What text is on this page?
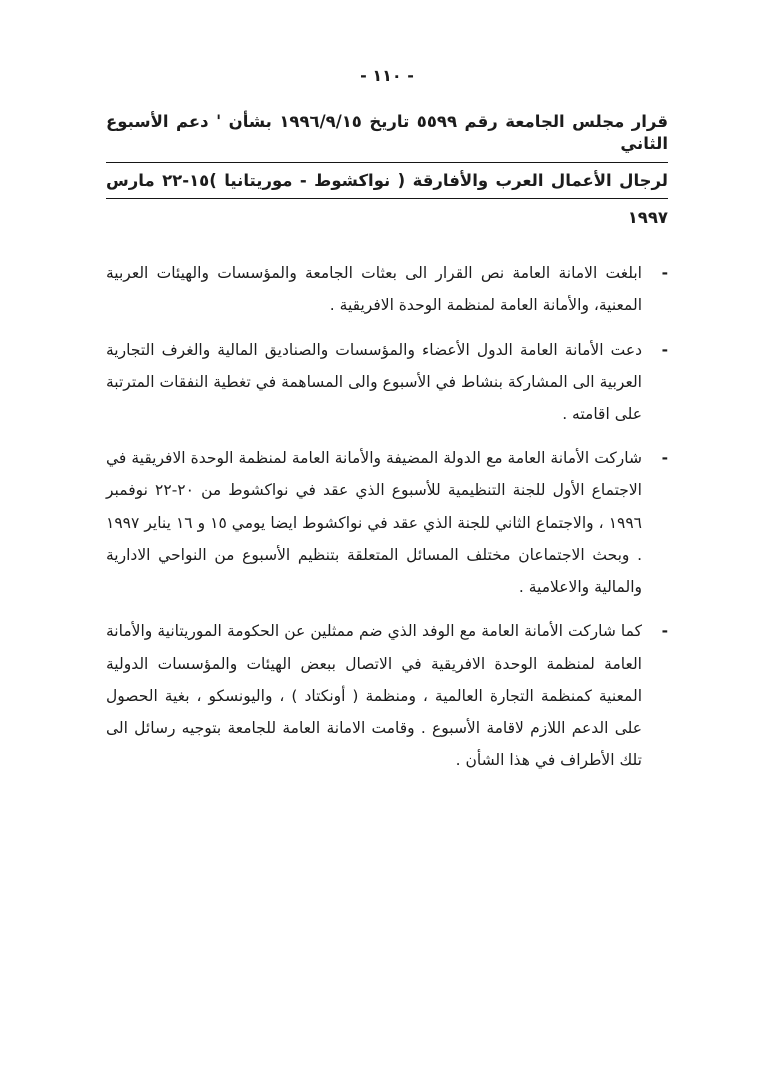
- ١١٠ -
قرار مجلس الجامعة رقم ٥٥٩٩ تاريخ ١٩٩٦/٩/١٥ بشأن ' دعم الأسبوع الثاني
لرجال الأعمال العرب والأفارقة ( نواكشوط - موريتانيا )١٥-٢٢ مارس
١٩٩٧
-

ابلغت الامانة العامة نص القرار الى بعثات الجامعة والمؤسسات والهيئات العربية المعنية، والأمانة العامة لمنظمة الوحدة الافريقية .

-

دعت الأمانة العامة الدول الأعضاء والمؤسسات والصناديق المالية والغرف التجارية العربية الى المشاركة بنشاط في الأسبوع والى المساهمة في تغطية النفقات المترتبة على اقامته .

-

شاركت الأمانة العامة مع الدولة المضيفة والأمانة العامة لمنظمة الوحدة الافريقية في الاجتماع الأول للجنة التنظيمية للأسبوع الذي عقد في نواكشوط من ٢٠-٢٢ نوفمبر ١٩٩٦ ، والاجتماع الثاني للجنة الذي عقد في نواكشوط ايضا يومي ١٥ و ١٦ يناير ١٩٩٧ . وبحث الاجتماعان مختلف المسائل المتعلقة بتنظيم الأسبوع من النواحي الادارية والمالية والاعلامية .

-

كما شاركت الأمانة العامة مع الوفد الذي ضم ممثلين عن الحكومة الموريتانية والأمانة العامة لمنظمة الوحدة الافريقية في الاتصال ببعض الهيئات والمؤسسات الدولية المعنية كمنظمة التجارة العالمية ، ومنظمة ( أونكتاد ) ، واليونسكو ، بغية الحصول على الدعم اللازم لاقامة الأسبوع . وقامت الامانة العامة للجامعة بتوجيه رسائل الى تلك الأطراف في هذا الشأن .
